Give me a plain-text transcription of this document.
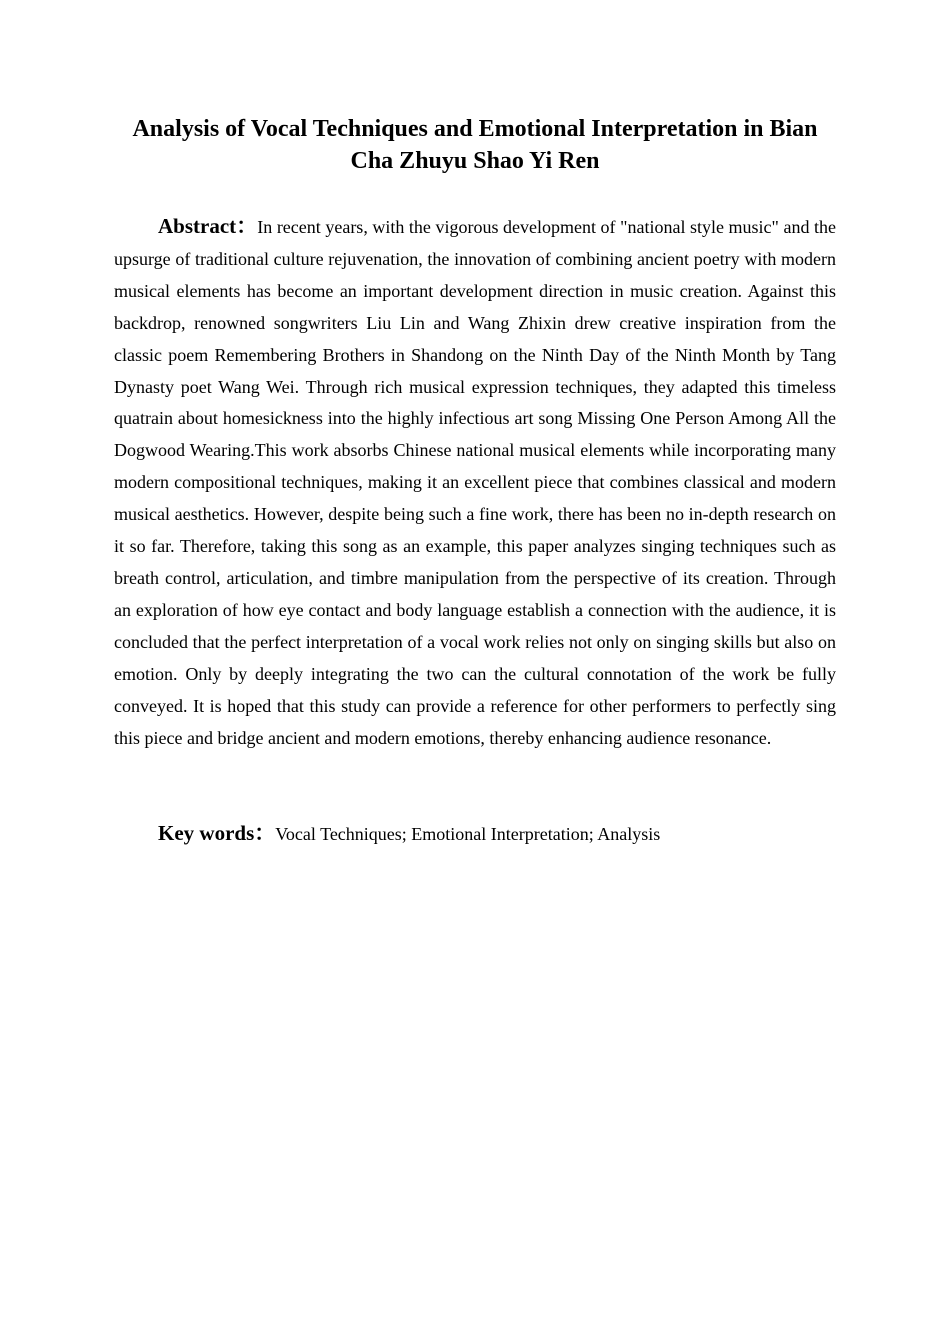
Analysis of Vocal Techniques and Emotional Interpretation in Bian Cha Zhuyu Shao Yi Ren

Abstract：In recent years, with the vigorous development of "national style music" and the upsurge of traditional culture rejuvenation, the innovation of combining ancient poetry with modern musical elements has become an important development direction in music creation. Against this backdrop, renowned songwriters Liu Lin and Wang Zhixin drew creative inspiration from the classic poem Remembering Brothers in Shandong on the Ninth Day of the Ninth Month by Tang Dynasty poet Wang Wei. Through rich musical expression techniques, they adapted this timeless quatrain about homesickness into the highly infectious art song Missing One Person Among All the Dogwood Wearing.This work absorbs Chinese national musical elements while incorporating many modern compositional techniques, making it an excellent piece that combines classical and modern musical aesthetics. However, despite being such a fine work, there has been no in-depth research on it so far. Therefore, taking this song as an example, this paper analyzes singing techniques such as breath control, articulation, and timbre manipulation from the perspective of its creation. Through an exploration of how eye contact and body language establish a connection with the audience, it is concluded that the perfect interpretation of a vocal work relies not only on singing skills but also on emotion. Only by deeply integrating the two can the cultural connotation of the work be fully conveyed. It is hoped that this study can provide a reference for other performers to perfectly sing this piece and bridge ancient and modern emotions, thereby enhancing audience resonance.

Key words：Vocal Techniques; Emotional Interpretation; Analysis
